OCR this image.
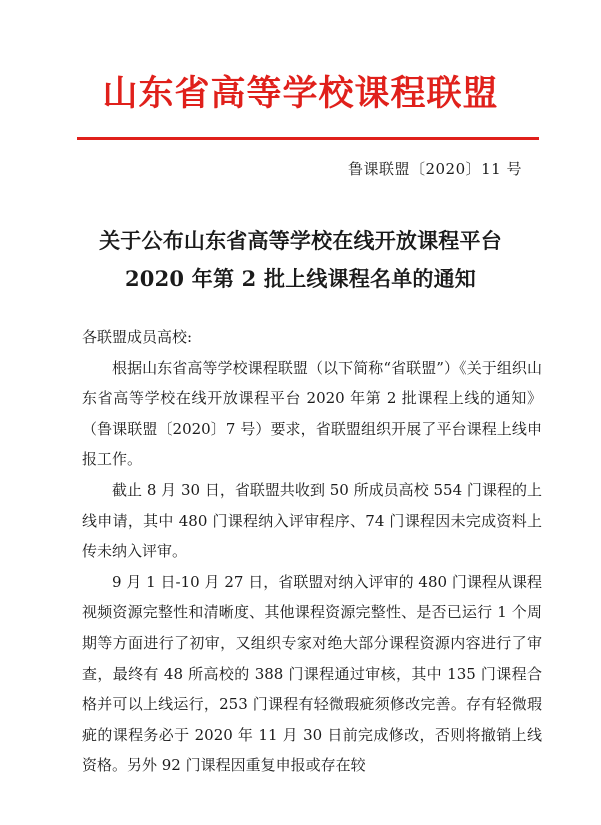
山东省高等学校课程联盟
鲁课联盟〔2020〕11 号
关于公布山东省高等学校在线开放课程平台
2020 年第 2 批上线课程名单的通知
各联盟成员高校:

根据山东省高等学校课程联盟（以下简称“省联盟”）《关于组织山东省高等学校在线开放课程平台 2020 年第 2 批课程上线的通知》（鲁课联盟〔2020〕7 号）要求，省联盟组织开展了平台课程上线申报工作。

截止 8 月 30 日，省联盟共收到 50 所成员高校 554 门课程的上线申请，其中 480 门课程纳入评审程序、74 门课程因未完成资料上传未纳入评审。

9 月 1 日-10 月 27 日，省联盟对纳入评审的 480 门课程从课程视频资源完整性和清晰度、其他课程资源完整性、是否已运行 1 个周期等方面进行了初审，又组织专家对绝大部分课程资源内容进行了审查，最终有 48 所高校的 388 门课程通过审核，其中 135 门课程合格并可以上线运行，253 门课程有轻微瑕疵须修改完善。存有轻微瑕疵的课程务必于 2020 年 11 月 30 日前完成修改，否则将撤销上线资格。另外 92 门课程因重复申报或存在较
